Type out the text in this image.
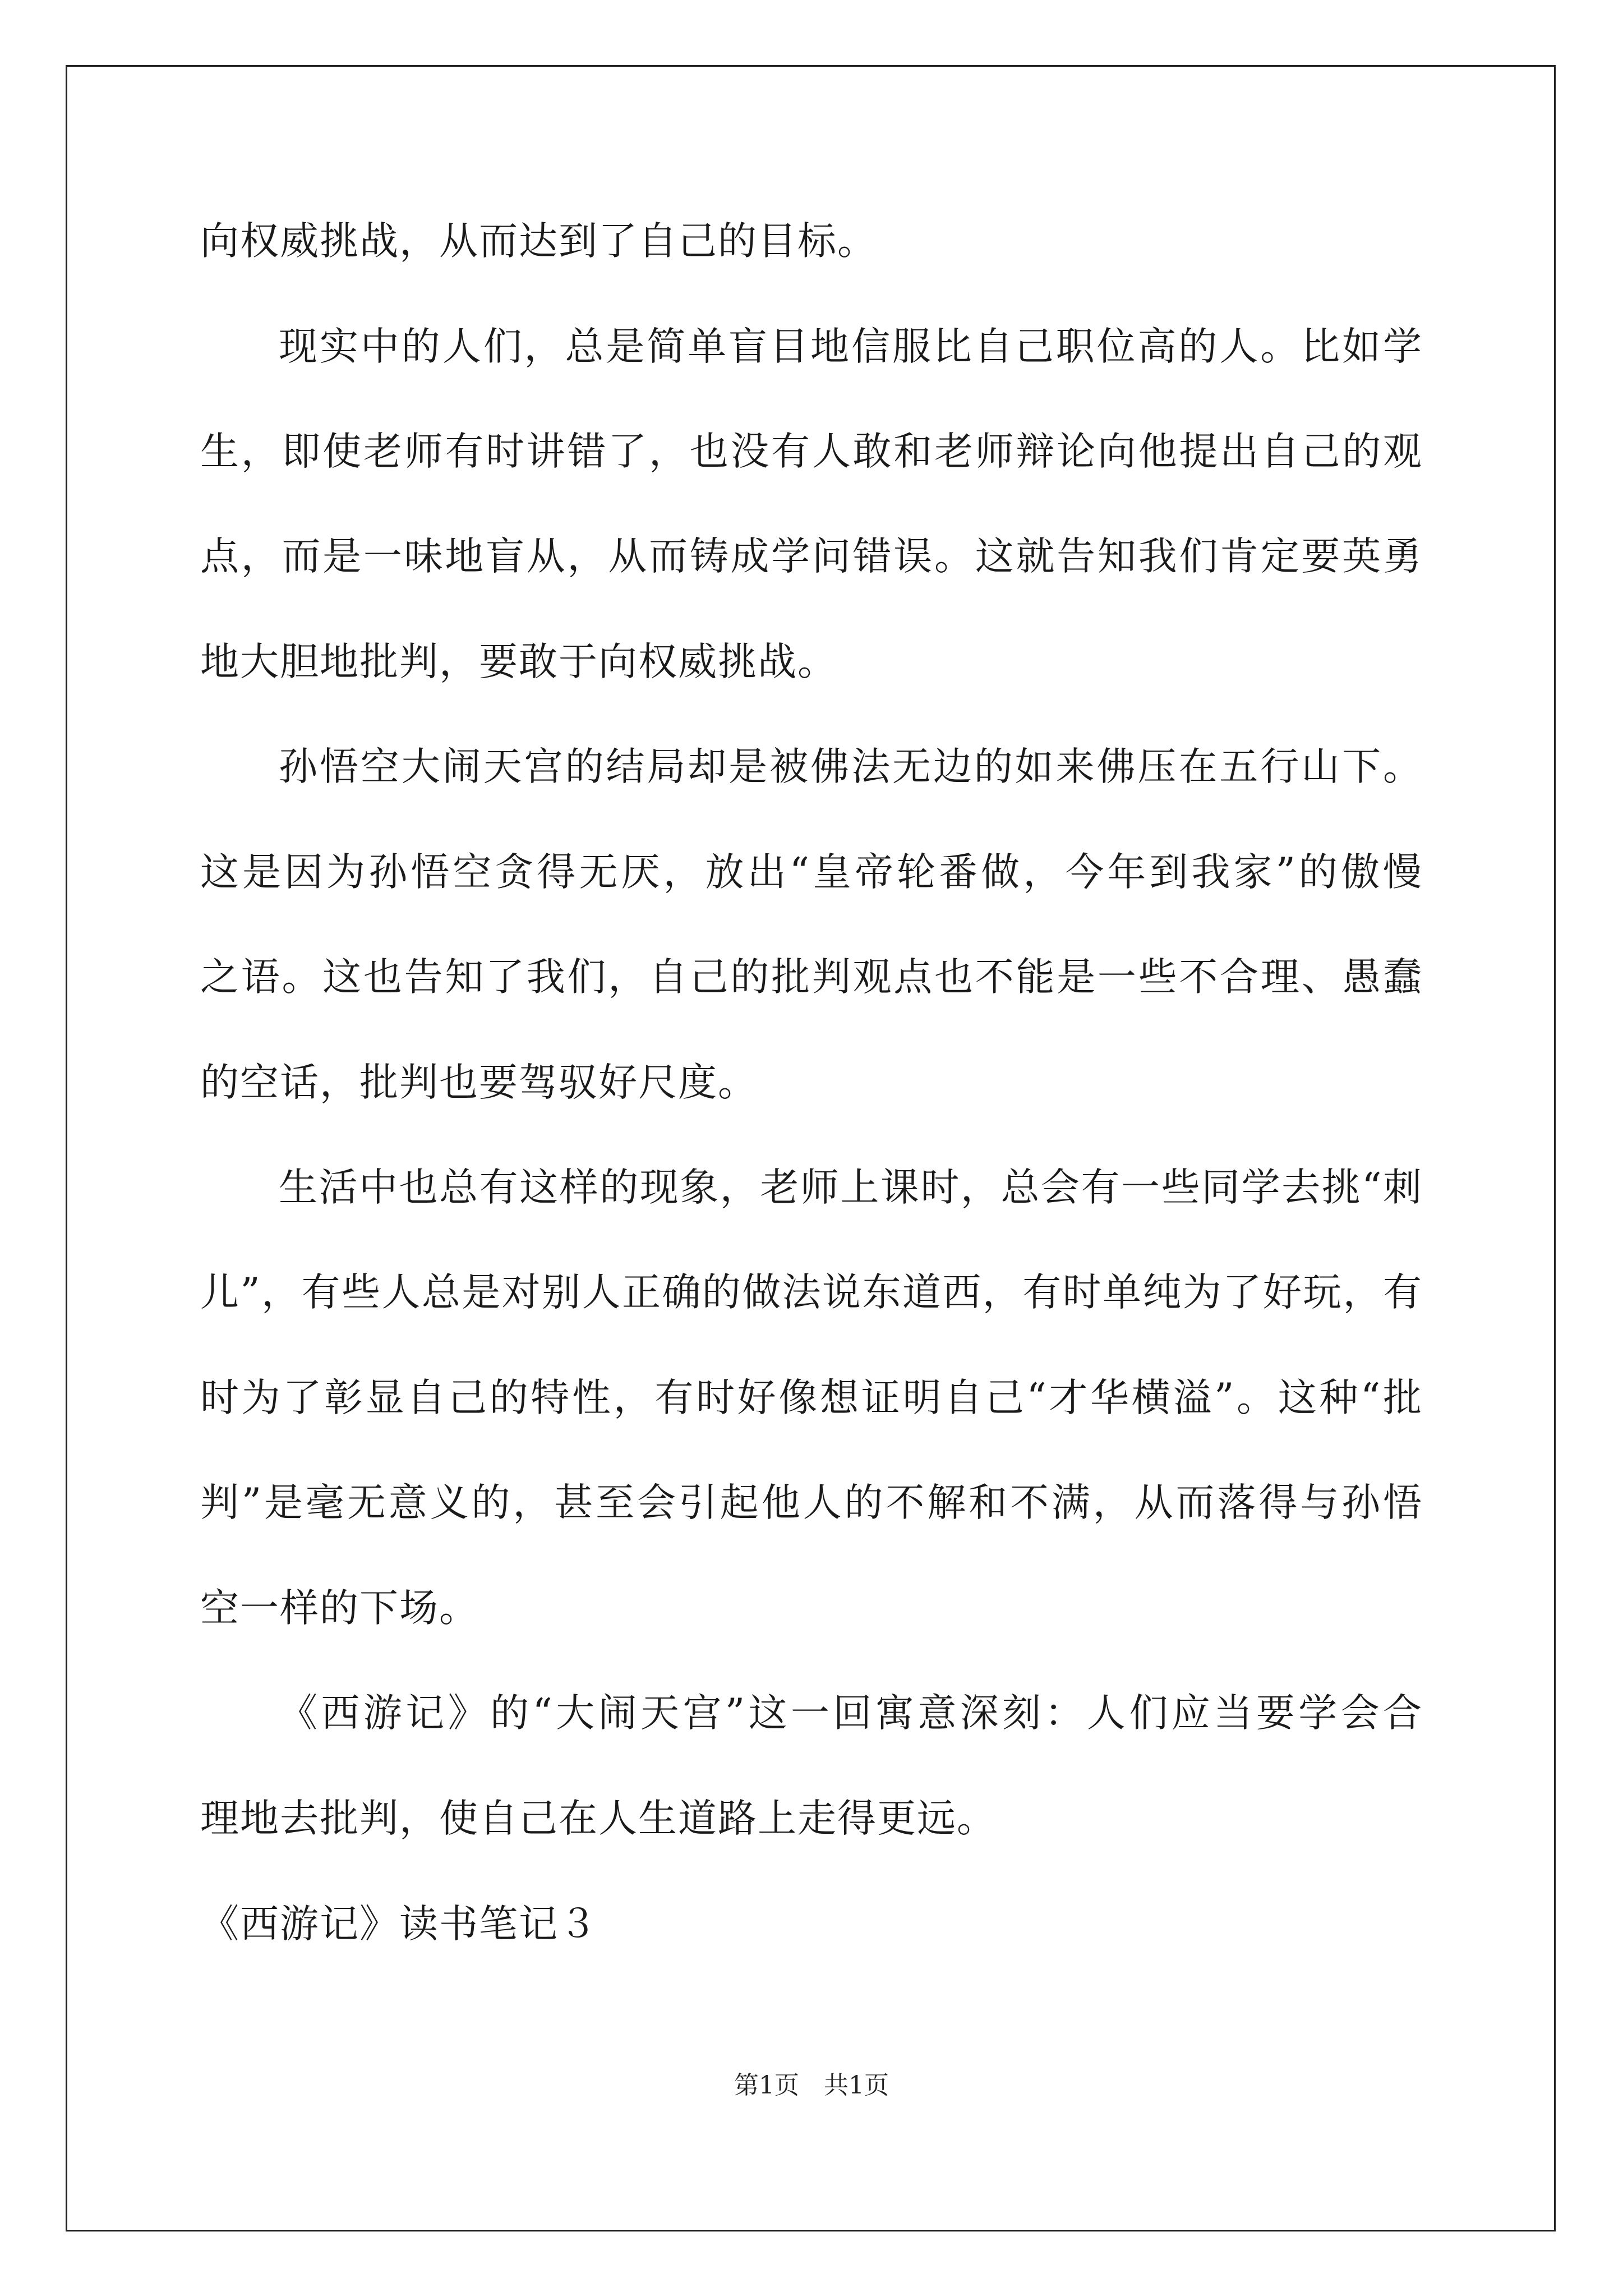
向权威挑战，从而达到了自己的目标。
现实中的人们，总是简单盲目地信服比自己职位高的人。比如学
生，即使老师有时讲错了，也没有人敢和老师辩论向他提出自己的观
点，而是一味地盲从，从而铸成学问错误。这就告知我们肯定要英勇
地大胆地批判，要敢于向权威挑战。
孙悟空大闹天宫的结局却是被佛法无边的如来佛压在五行山下。
这是因为孙悟空贪得无厌，放出“皇帝轮番做，今年到我家”的傲慢
之语。这也告知了我们，自己的批判观点也不能是一些不合理、愚蠢
的空话，批判也要驾驭好尺度。
生活中也总有这样的现象，老师上课时，总会有一些同学去挑“刺
儿”，有些人总是对别人正确的做法说东道西，有时单纯为了好玩，有
时为了彰显自己的特性，有时好像想证明自己“才华横溢”。这种“批
判”是毫无意义的，甚至会引起他人的不解和不满，从而落得与孙悟
空一样的下场。
《西游记》的“大闹天宫”这一回寓意深刻：人们应当要学会合
理地去批判，使自己在人生道路上走得更远。
《西游记》读书笔记３
第1页　共1页
